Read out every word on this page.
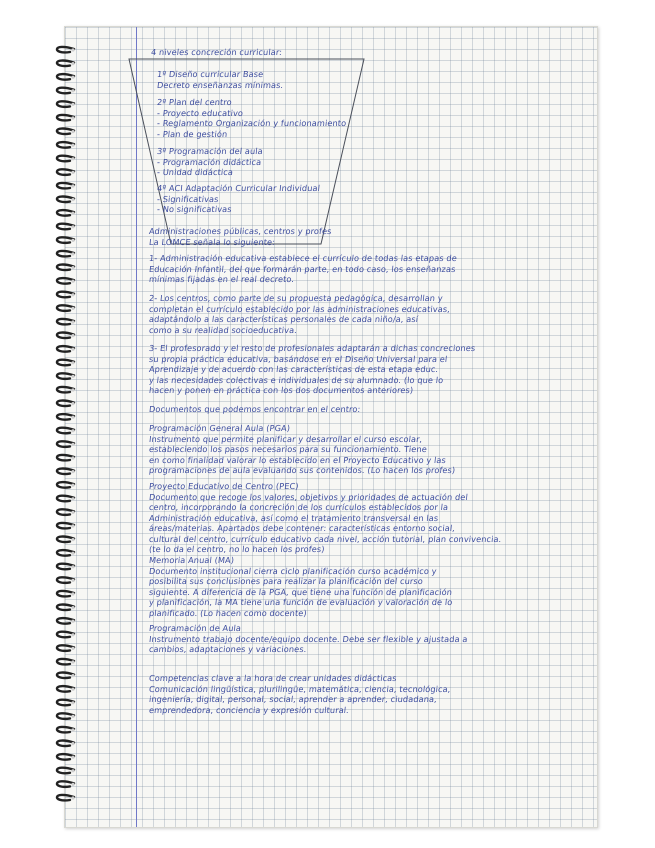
4 niveles concreción curricular:
1º Diseño curricular Base
Decreto enseñanzas mínimas.
2º Plan del centro
- Proyecto educativo
- Reglamento Organización y funcionamiento
- Plan de gestión
3º Programación del aula
- Programación didáctica
- Unidad didáctica
4º ACI Adaptación Curricular Individual
- Significativas
- No significativas
Administraciones públicas, centros y profes
La LOMCE señala lo siguiente:
1- Administración educativa establece el currículo de todas las etapas de
Educación Infantil, del que formarán parte, en todo caso, los enseñanzas
mínimas fijadas en el real decreto.
2- Los centros, como parte de su propuesta pedagógica, desarrollan y
completan el currículo establecido por las administraciones educativas,
adaptándolo a las características personales de cada niño/a, así
como a su realidad socioeducativa.
3- El profesorado y el resto de profesionales adaptarán a dichas concreciones
su propia práctica educativa, basándose en el Diseño Universal para el
Aprendizaje y de acuerdo con las características de esta etapa educ.
y las necesidades colectivas e individuales de su alumnado. (lo que lo
hacen y ponen en práctica con los dos documentos anteriores)
Documentos que podemos encontrar en el centro:
Programación General Aula (PGA)
Instrumento que permite planificar y desarrollar el curso escolar,
estableciendo los pasos necesarios para su funcionamiento. Tiene
en como finalidad valorar lo establecido en el Proyecto Educativo y las
programaciones de aula evaluando sus contenidos. (Lo hacen los profes)
Proyecto Educativo de Centro (PEC)
Documento que recoge los valores, objetivos y prioridades de actuación del
centro, incorporando la concreción de los currículos establecidos por la
Administración educativa, así como el tratamiento transversal en las
áreas/materias. Apartados debe contener: características entorno social,
cultural del centro, currículo educativo cada nivel, acción tutorial, plan convivencia.
(te lo da el centro, no lo hacen los profes)
Memoria Anual (MA)
Documento institucional cierra ciclo planificación curso académico y
posibilita sus conclusiones para realizar la planificación del curso
siguiente. A diferencia de la PGA, que tiene una función de planificación
y planificación, la MA tiene una función de evaluación y valoración de lo
planificado. (Lo hacen como docente)
Programación de Aula
Instrumento trabajo docente/equipo docente. Debe ser flexible y ajustada a
cambios, adaptaciones y variaciones.
Competencias clave a la hora de crear unidades didácticas
Comunicación lingüística, plurilingüe, matemática, ciencia, tecnológica,
ingeniería, digital, personal, social, aprender a aprender, ciudadana,
emprendedora, conciencia y expresión cultural.
